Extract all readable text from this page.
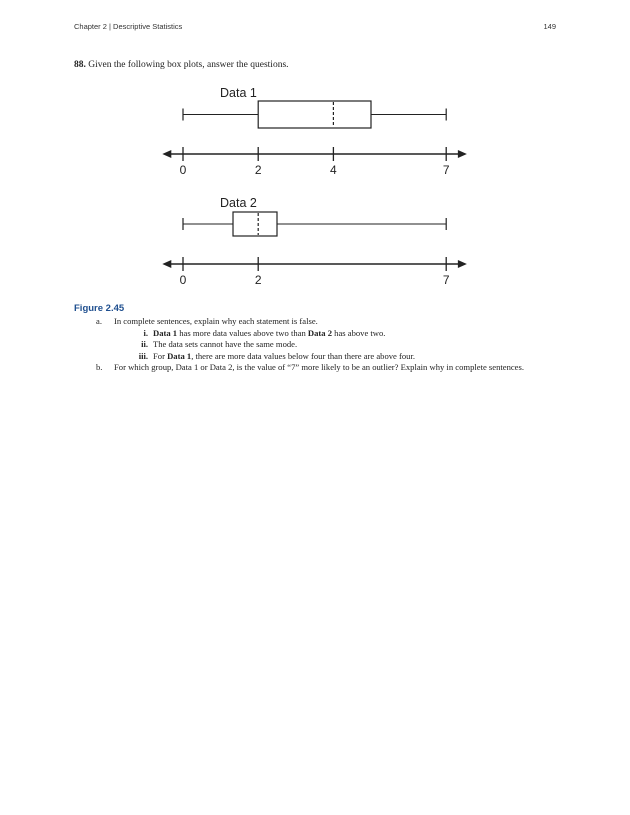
Chapter 2 | Descriptive Statistics	149
88. Given the following box plots, answer the questions.
Data 1
0	2	4	7
Data 2
0	2	7
Figure 2.45
a. In complete sentences, explain why each statement is false.
i. Data 1 has more data values above two than Data 2 has above two.
ii. The data sets cannot have the same mode.
iii. For Data 1, there are more data values below four than there are above four.
b. For which group, Data 1 or Data 2, is the value of “7” more likely to be an outlier? Explain why in complete sentences.
